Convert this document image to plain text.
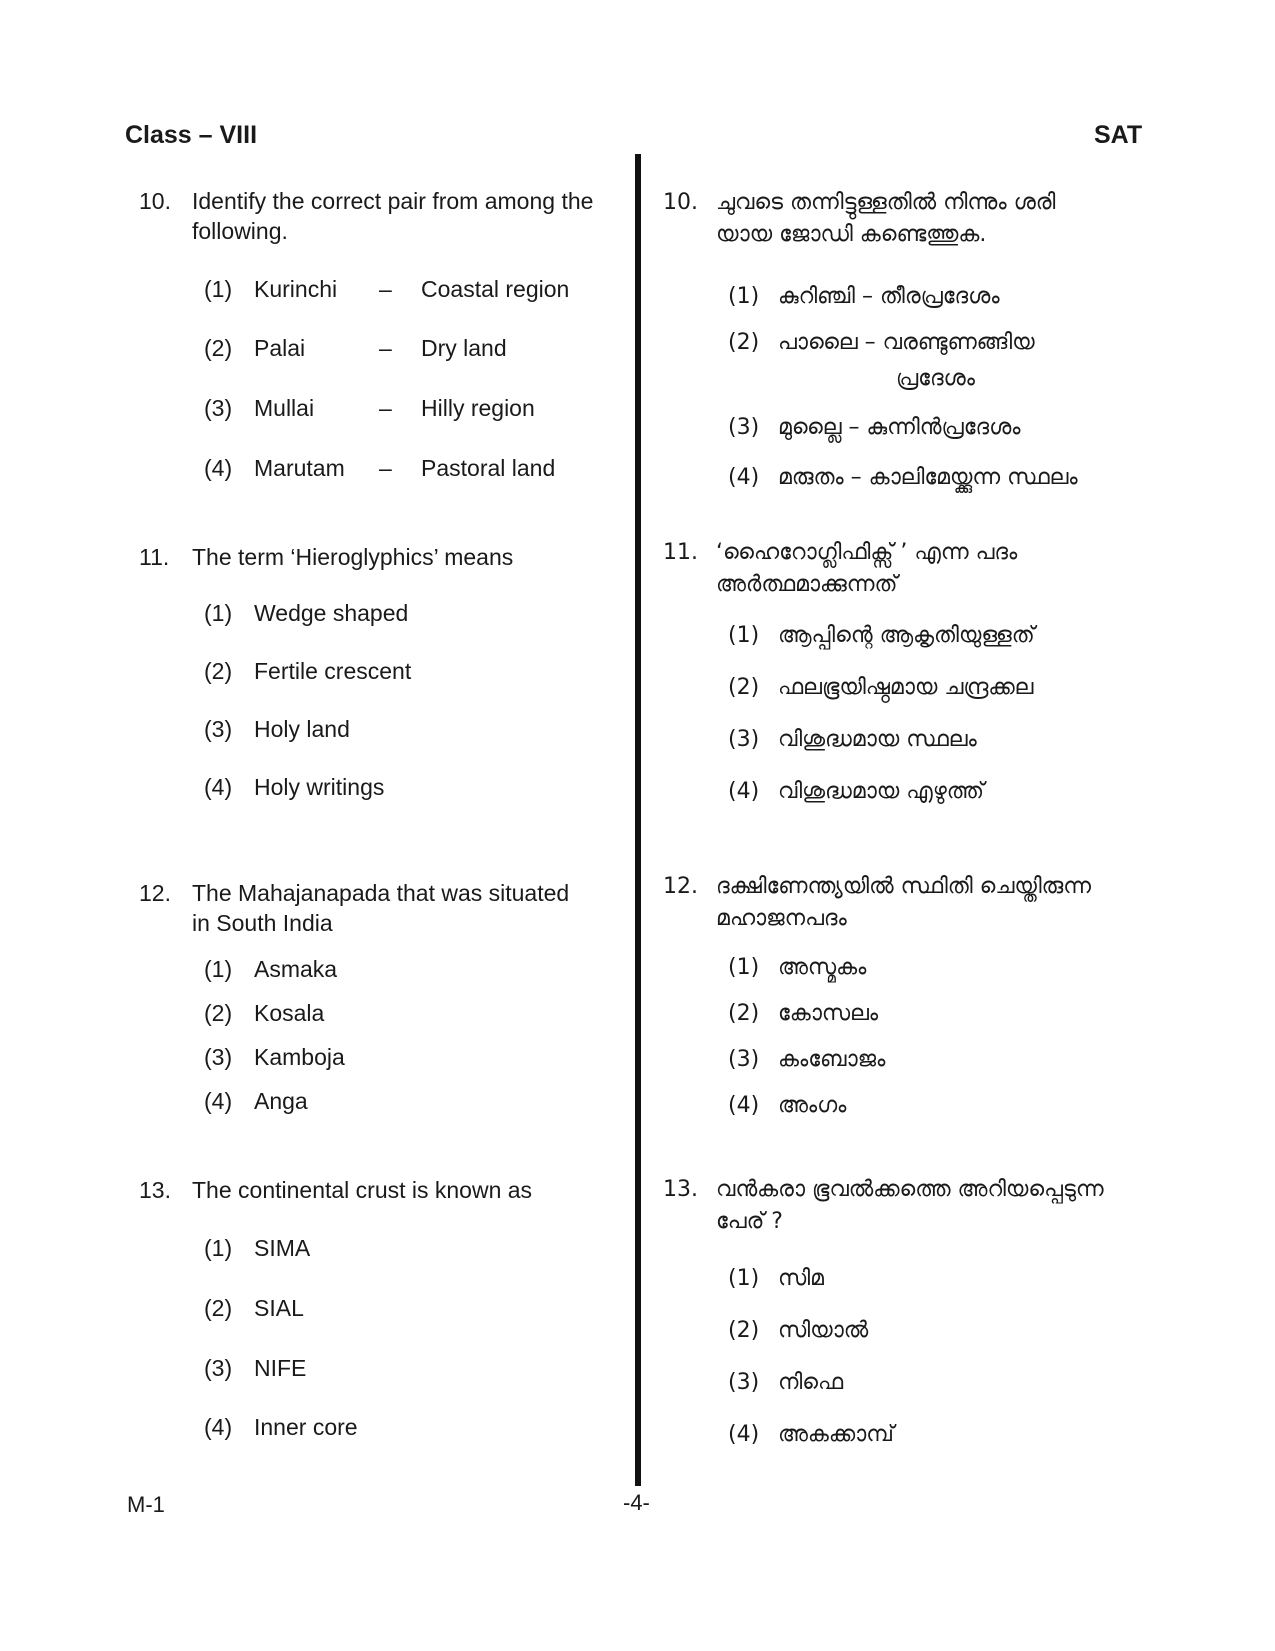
Class – VIII	SAT
10. Identify the correct pair from among the
following.
(1) Kurinchi – Coastal region
(2) Palai	– Dry land
(3) Mullai	– Hilly region
(4) Marutam – Pastoral land
11. The term ‘Hieroglyphics’ means
(1) Wedge shaped
(2) Fertile crescent
(3) Holy land
(4) Holy writings
12. The Mahajanapada that was situated
in South India
(1) Asmaka
(2) Kosala
(3) Kamboja
(4) Anga
13. The continental crust is known as
(1) SIMA
(2) SIAL
(3) NIFE
(4) Inner core
10. ചുവടെ തന്നിട്ടുള്ളതിൽ നിന്നും ശരി
യായ ജോഡി കണ്ടെത്തുക.
(1) കുറിഞ്ചി – തീരപ്രദേശം
(2) പാലൈ – വരണ്ടുണങ്ങിയ
പ്രദേശം
(3) മുല്ലൈ – കുന്നിൻപ്രദേശം
(4) മരുതം – കാലിമേയ്ക്കുന്ന സ്ഥലം
11. ‘ഹൈറോഗ്ലിഫിക്സ് ’ എന്ന പദം
അർത്ഥമാക്കുന്നത്
(1) ആപ്പിന്റെ ആകൃതിയുള്ളത്
(2) ഫലഭൂയിഷ്ഠമായ ചന്ദ്രക്കല
(3) വിശുദ്ധമായ സ്ഥലം
(4) വിശുദ്ധമായ എഴുത്ത്
12. ദക്ഷിണേന്ത്യയിൽ സ്ഥിതി ചെയ്തിരുന്ന
മഹാജനപദം
(1) അസ്മകം
(2) കോസലം
(3) കംബോജം
(4) അംഗം
13. വൻകരാ ഭൂവൽക്കത്തെ അറിയപ്പെടുന്ന
പേര് ?
(1) സിമ
(2) സിയാൽ
(3) നിഫെ
(4) അകക്കാമ്പ്
M-1	-4-
